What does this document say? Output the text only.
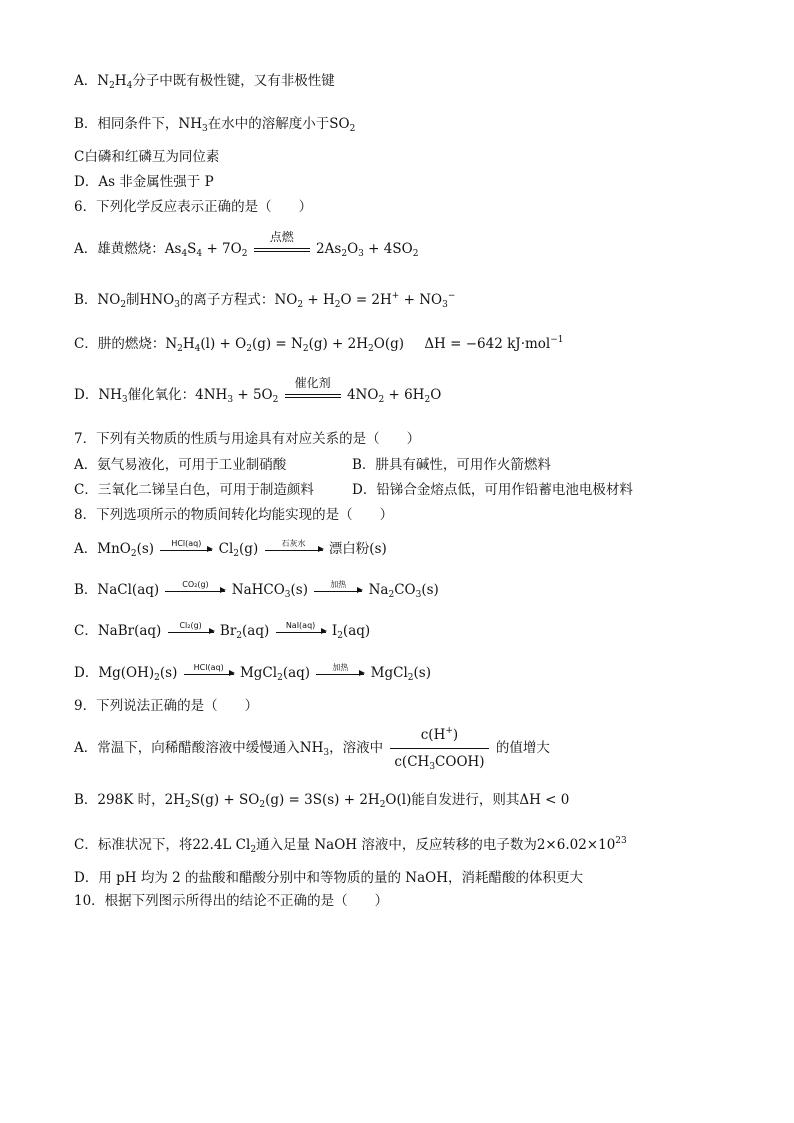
A．$N_2H_4$分子中既有极性键，又有非极性键
B．相同条件下，$NH_3$在水中的溶解度小于$SO_2$
C白磷和红磷互为同位素
D．As 非金属性强于 P
6．下列化学反应表示正确的是（　　）
A．雄黄燃烧：$As_4S_4 + 7O_2$
点燃
$2As_2O_3 + 4SO_2$
B．$NO_2$制$HNO_3$的离子方程式：$NO_2 + H_2O = 2H^+ + NO_3^-$
C．肼的燃烧：$N_2H_4(l) + O_2(g) = N_2(g) + 2H_2O(g) \Delta H = -642$ kJ·mol$^{-1}$
D．$NH_3$催化氧化：$4NH_3 + 5O_2$
催化剂
$4NO_2 + 6H_2O$
7．下列有关物质的性质与用途具有对应关系的是（　　）
A．氨气易液化，可用于工业制硝酸	B．肼具有碱性，可用作火箭燃料
C．三氧化二锑呈白色，可用于制造颜料	D．铅锑合金熔点低，可用作铅蓄电池电极材料
8．下列选项所示的物质间转化均能实现的是（　　）
A．MnO$_2$(s)	HCl(aq)	$Cl_2(g)$	石灰水	漂白粉(s)
B．NaCl(aq)	CO₂(g)	NaHCO$_3$(s)	加热	$Na_2CO_3(s)$
C．NaBr(aq)	Cl₂(g)	$Br_2(aq)$	NaI(aq)	$I_2(aq)$
D．$Mg(OH)_2(s)$	HCl(aq)	MgCl$_2$(aq)	加热	MgCl$_2$(s)
9．下列说法正确的是（　　）
A．常温下，向稀醋酸溶液中缓慢通入$NH_3$，溶液中 $\frac{c(H^+)}{c(CH_3COOH)}$ 的值增大
B．298K 时，$2H_2S(g) + SO_2(g) = 3S(s) + 2H_2O(l)$能自发进行，则其ΔH < 0
C．标准状况下，将22.4L $Cl_2$通入足量 NaOH 溶液中，反应转移的电子数为$2\times 6.02\times 10^{23}$
D．用 pH 均为 2 的盐酸和醋酸分别中和等物质的量的 NaOH，消耗醋酸的体积更大
10．根据下列图示所得出的结论不正确的是（　　）
